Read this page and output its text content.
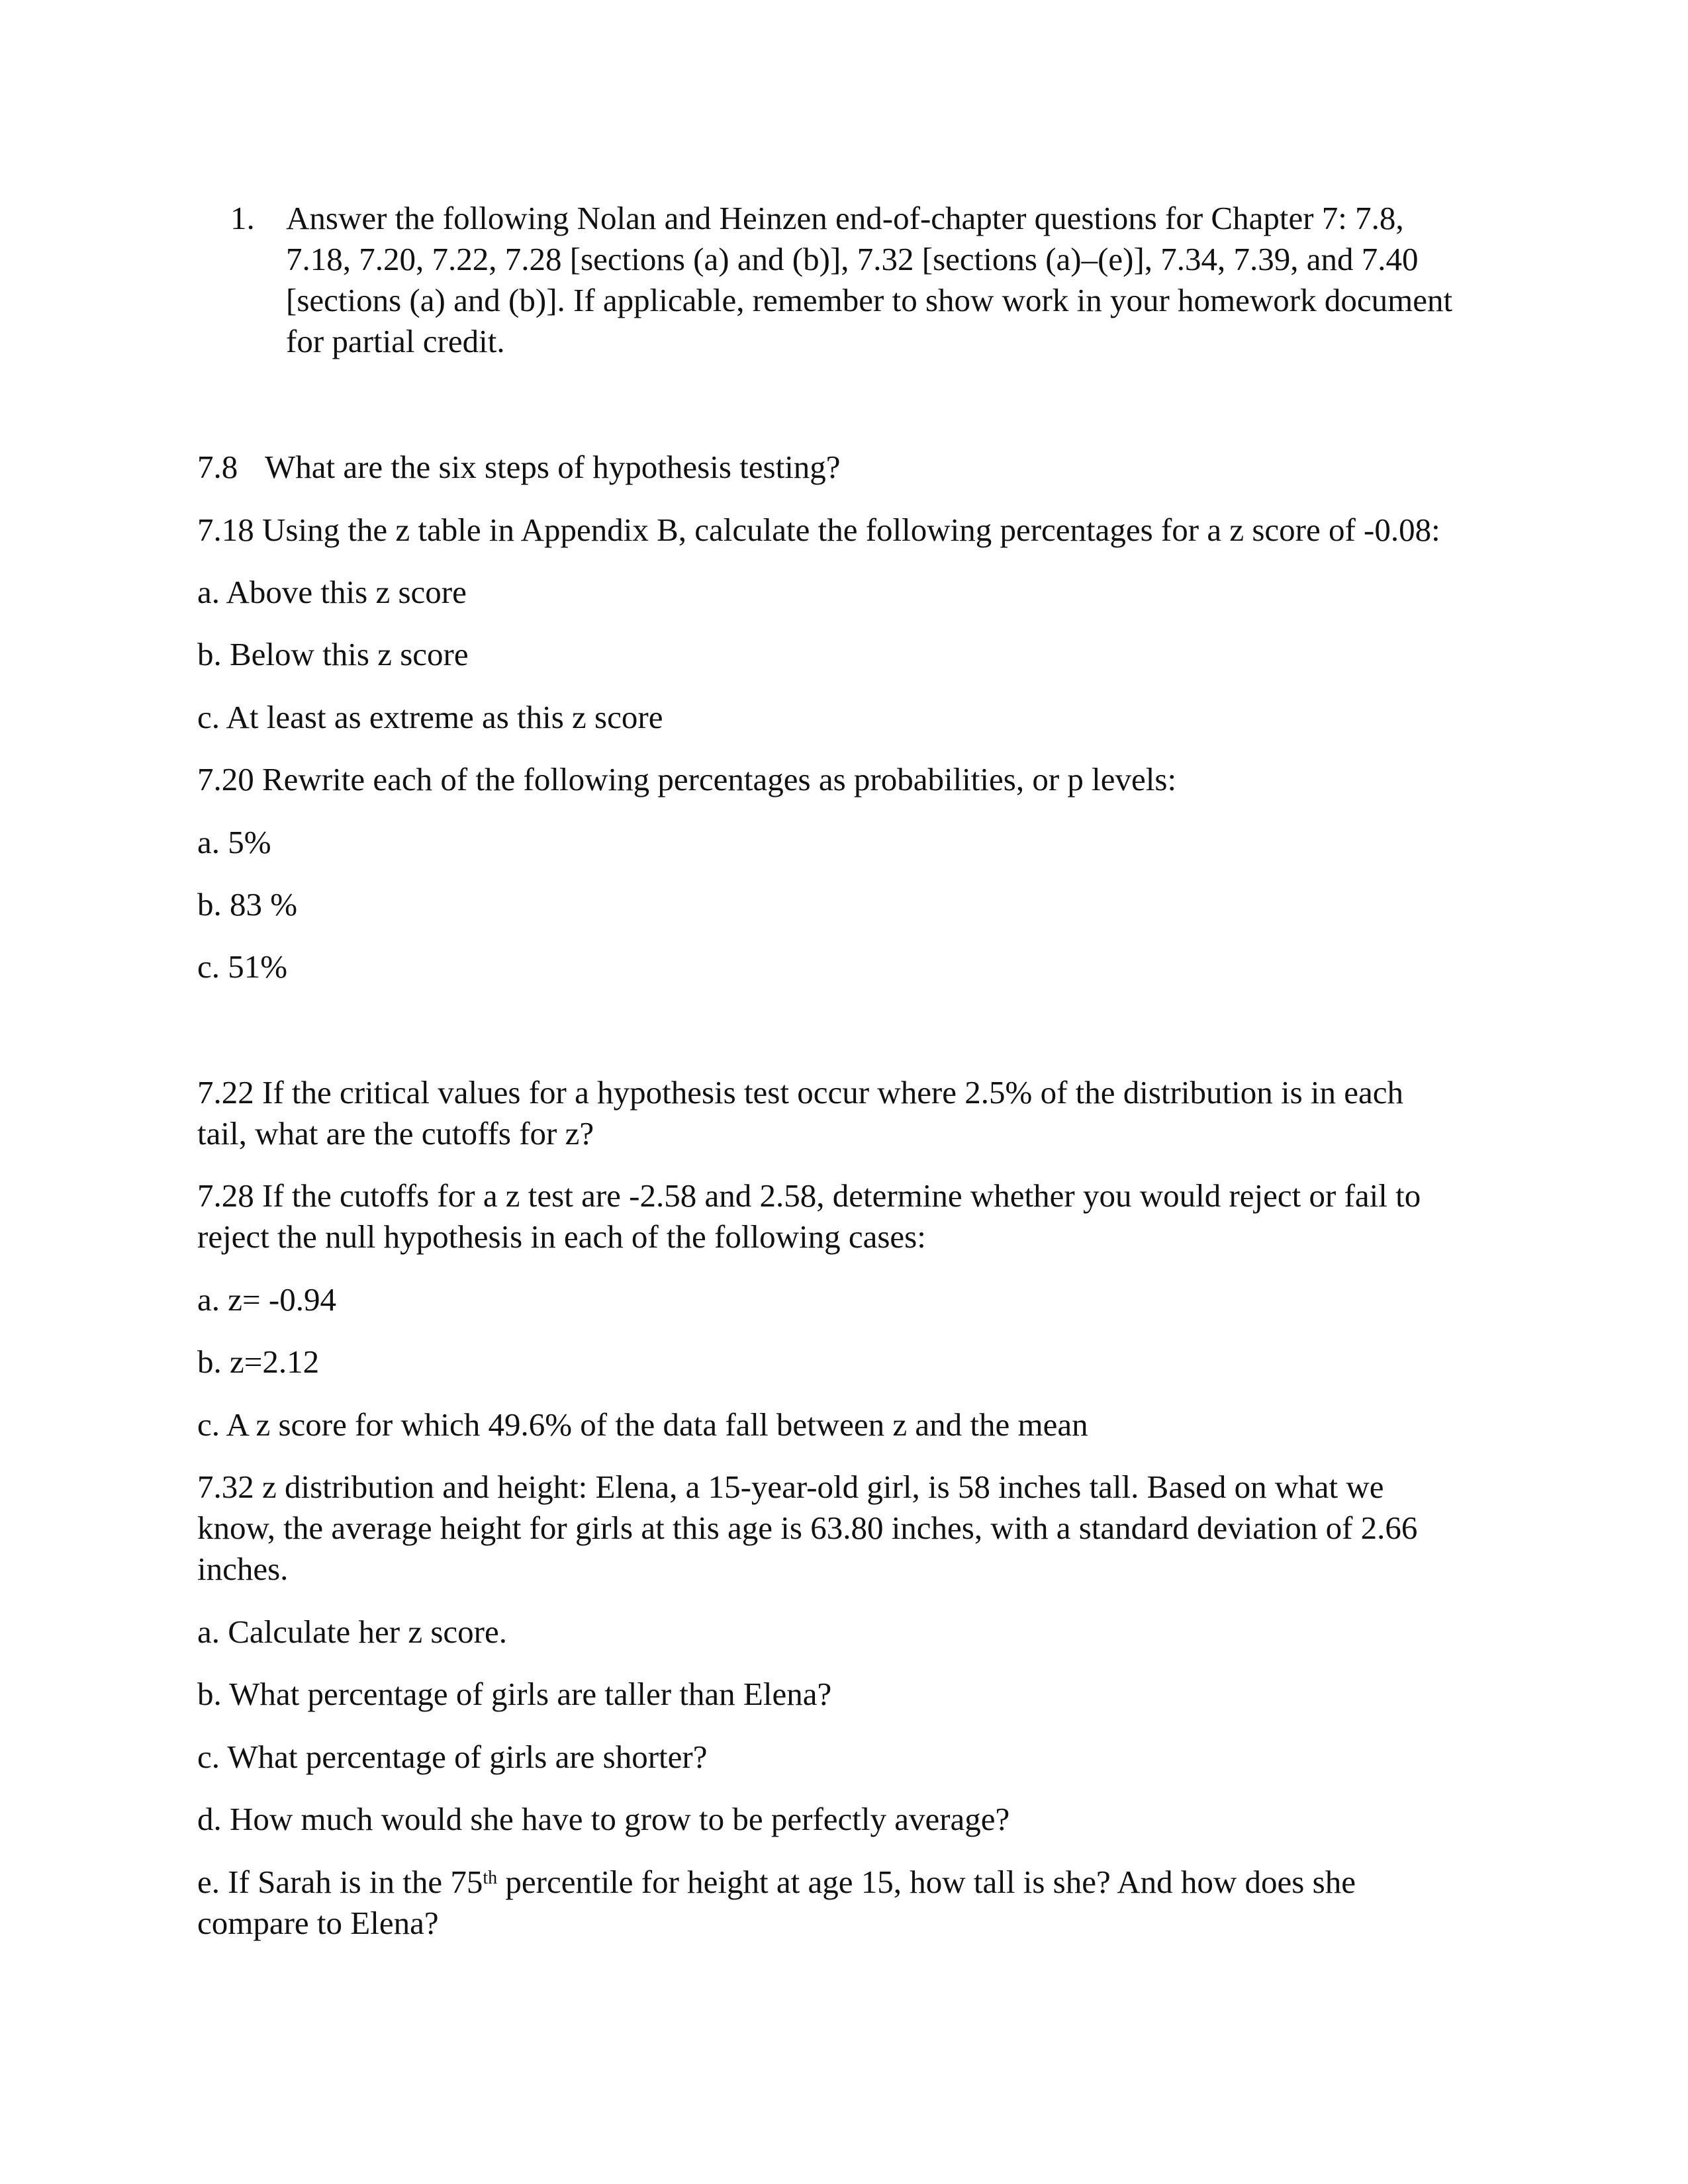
1. Answer the following Nolan and Heinzen end-of-chapter questions for Chapter 7: 7.8,
7.18, 7.20, 7.22, 7.28 [sections (a) and (b)], 7.32 [sections (a)–(e)], 7.34, 7.39, and 7.40
[sections (a) and (b)]. If applicable, remember to show work in your homework document
for partial credit.
7.8 What are the six steps of hypothesis testing?
7.18 Using the z table in Appendix B, calculate the following percentages for a z score of -0.08:
a. Above this z score
b. Below this z score
c. At least as extreme as this z score
7.20 Rewrite each of the following percentages as probabilities, or p levels:
a. 5%
b. 83 %
c. 51%
7.22 If the critical values for a hypothesis test occur where 2.5% of the distribution is in each
tail, what are the cutoffs for z?
7.28 If the cutoffs for a z test are -2.58 and 2.58, determine whether you would reject or fail to
reject the null hypothesis in each of the following cases:
a. z= -0.94
b. z=2.12
c. A z score for which 49.6% of the data fall between z and the mean
7.32 z distribution and height: Elena, a 15-year-old girl, is 58 inches tall. Based on what we
know, the average height for girls at this age is 63.80 inches, with a standard deviation of 2.66
inches.
a. Calculate her z score.
b. What percentage of girls are taller than Elena?
c. What percentage of girls are shorter?
d. How much would she have to grow to be perfectly average?
e. If Sarah is in the 75th percentile for height at age 15, how tall is she? And how does she
compare to Elena?
